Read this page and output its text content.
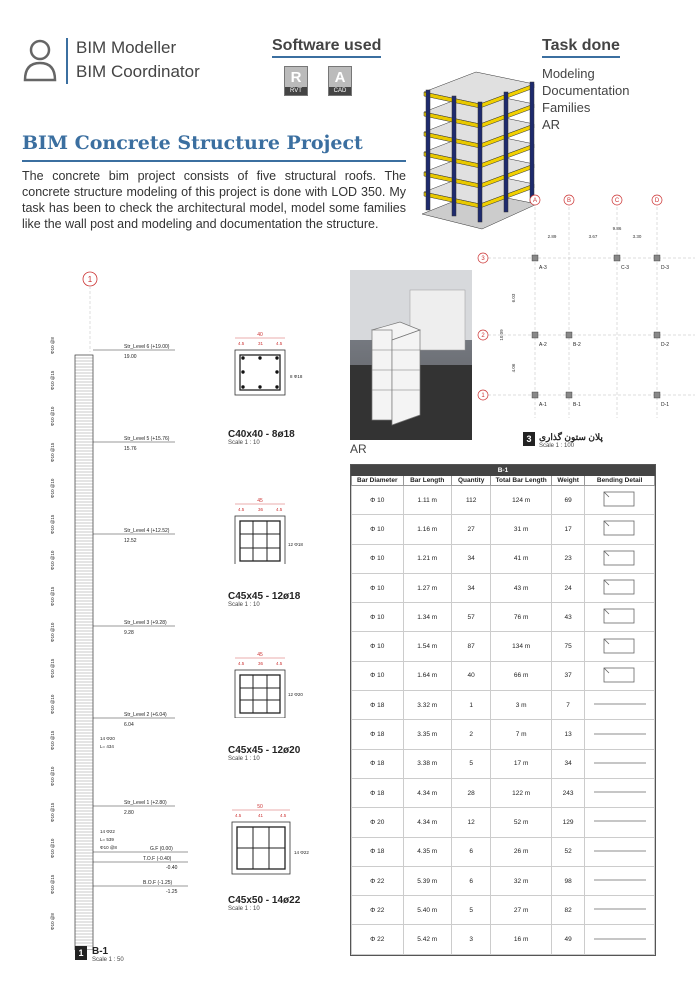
BIM Modeller
BIM Coordinator
Software used
R
RVT
A
CAD
Task done
Modeling
Documentation
Families
AR
BIM Concrete Structure Project
The concrete bim project consists of five structural roofs. The concrete structure modeling of this project is done with LOD 350. My task has been to check the architectural model, model some families like the wall post and modeling and documentation the structure.
AR
A	B	C	D
3
2
1
9.86
2.89	3.67	3.30
6.03
10.09
4.06
A-3	C-3	D-3
A-2	B-2	D-2
A-1	B-1	D-1
3 پلان ستون گذاری
Scale 1 : 100
1
Str_Level 6 (+19.00)
19.00
Str_Level 5 (+15.76)
15.76
Str_Level 4 (+12.52)
12.52
Str_Level 3 (+9.28)
9.28
Str_Level 2 (+6.04)
6.04
Str_Level 1 (+2.80)
2.80
G.F (0.00)
T.O.F (-0.40)
-0.40
B.O.F (-1.25)
-1.25
14 Φ20
L= 434
14 Φ22
L= 539
Φ10 @8
Φ10 @8
Φ10 @15
Φ10 @10
Φ10 @15
Φ10 @10
Φ10 @15
Φ10 @10
Φ10 @15
Φ10 @10
Φ10 @15
Φ10 @10
Φ10 @15
Φ10 @10
Φ10 @15
Φ10 @10
Φ10 @15
Φ10 @8
1 B-1
Scale 1 : 50
40
4.5	31	4.5
8 Φ18
C40x40 - 8ø18
Scale 1 : 10
45
4.5	36	4.5
12 Φ18
C45x45 - 12ø18
Scale 1 : 10
45
4.5	36	4.5
12 Φ20
C45x45 - 12ø20
Scale 1 : 10
50
4.5	41	4.5
14 Φ22
C45x50 - 14ø22
Scale 1 : 10
B-1					
Bar Diameter	Bar Length	Quantity	Total Bar Length	Weight	Bending Detail
Φ 10	1.11 m	112	124 m	69	
Φ 10	1.16 m	27	31 m	17	
Φ 10	1.21 m	34	41 m	23	
Φ 10	1.27 m	34	43 m	24	
Φ 10	1.34 m	57	76 m	43	
Φ 10	1.54 m	87	134 m	75	
Φ 10	1.64 m	40	66 m	37	
Φ 18	3.32 m	1	3 m	7	
Φ 18	3.35 m	2	7 m	13	
Φ 18	3.38 m	5	17 m	34	
Φ 18	4.34 m	28	122 m	243	
Φ 20	4.34 m	12	52 m	129	
Φ 18	4.35 m	6	26 m	52	
Φ 22	5.39 m	6	32 m	98	
Φ 22	5.40 m	5	27 m	82	
Φ 22	5.42 m	3	16 m	49	
